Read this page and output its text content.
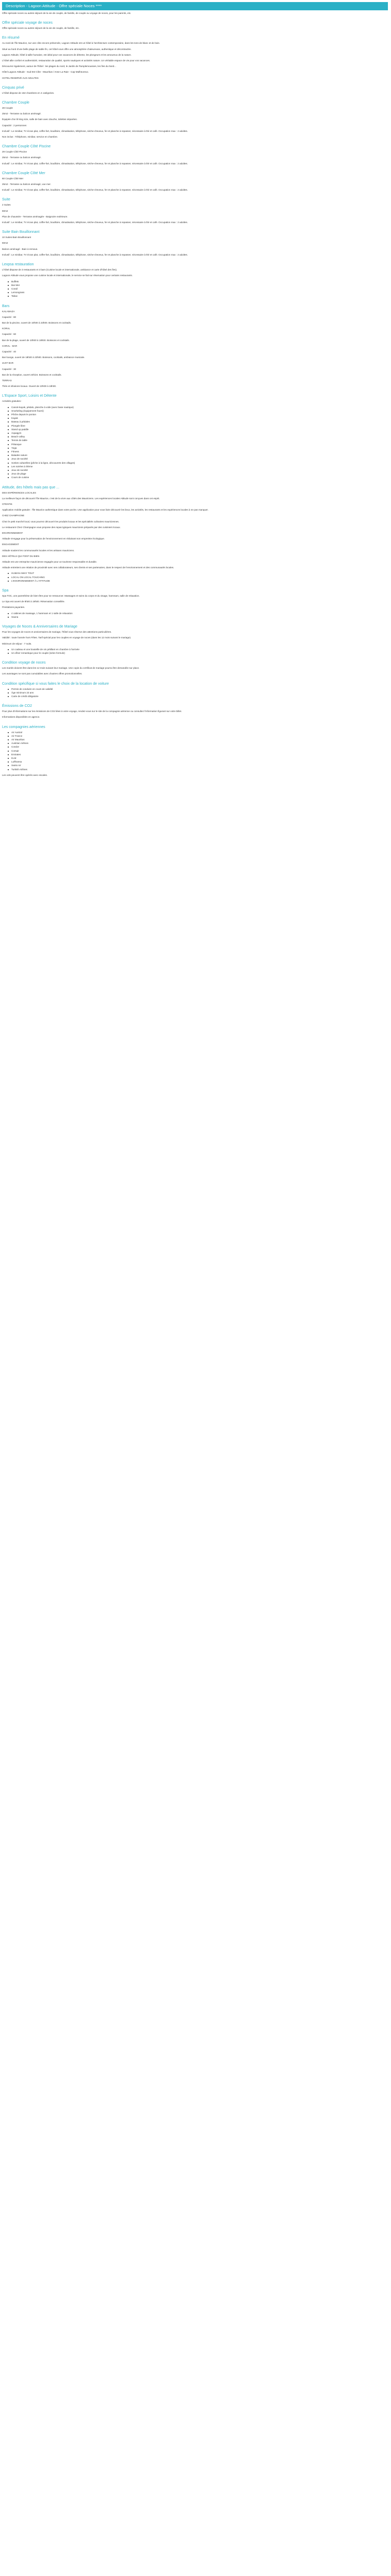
Description - Lagoon Attitude - Offre spéciale Noces ****

Offre spéciale noces ou autres séjours de la vie de couple, de famille, de couple ou voyage de noces, pour les parents, etc.

Offre spéciale voyage de noces

Offre spéciale noces ou autres séjours de la vie de couple, de famille, etc.

En résumé

Au nord de l'île Maurice, sur une côte encore préservée, Lagoon Attitude est un hôtel à l'architecture contemporaine, dans les tons de blanc et de bois.

Situé au bord d'une belle plage de sable fin, cet hôtel vous offre une atmosphère chaleureuse, authentique et décontractée.

Lagoon Attitude, hôtel à taille humaine, est idéal pour vos vacances de détente, les plongeurs et les amoureux de la nature.

L'hôtel allie confort et authenticité, restauration de qualité, sports nautiques et activités nature. Un véritable espace de vie pour vos vacances.

Découvrez également, autour de l'hôtel : les plages du nord, le Jardin de Pamplemousses, les îles du Nord...

Hôtel Lagoon Attitude - Sud Est Côte - Mauritius / Anse La Raie - Cap Malheureux.

HOTEL RESERVÉ AUX ADULTES

Cinquas privé

L'hôtel dispose de 162 chambres en 4 catégories.

Chambre Couple

28 Couple

25m2 - Terrasse ou balcon aménagé.

Équipée d'un lit king size, salle de bain avec douche, toilettes séparées.

Capacité : 2 personnes

Inclusif : Le minibar, TV écran plat, coffre-fort, bouilloire, climatisation, téléphone, sèche-cheveux, fer et planche à repasser, nécessaire à thé et café. Occupation max : 2 adultes.

Non inclus : Téléphone, minibar, service en chambre.

Chambre Couple Côté Piscine

29 Couple Côté Piscine

25m2 - Terrasse ou balcon aménagé.

Inclusif : Le minibar, TV écran plat, coffre-fort, bouilloire, climatisation, téléphone, sèche-cheveux, fer et planche à repasser, nécessaire à thé et café. Occupation max : 2 adultes.

Chambre Couple Côté Mer

60 Couple Côté Mer

25m2 - Terrasse ou balcon aménagé, vue mer.

Inclusif : Le minibar, TV écran plat, coffre-fort, bouilloire, climatisation, téléphone, sèche-cheveux, fer et planche à repasser, nécessaire à thé et café. Occupation max : 2 adultes.

Suite

2 Suites

60m2

Plan de chaussée - Terrasse aménagée - Baignoire extérieure.

Inclusif : Le minibar, TV écran plat, coffre-fort, bouilloire, climatisation, téléphone, sèche-cheveux, fer et planche à repasser, nécessaire à thé et café. Occupation max : 2 adultes.

Suite Bain Bouillonnant

10 Suites Bain Bouillonnant

50m2

Balcon aménagé - Bain à remous.

Inclusif : Le minibar, TV écran plat, coffre-fort, bouilloire, climatisation, téléphone, sèche-cheveux, fer et planche à repasser, nécessaire à thé et café. Occupation max : 2 adultes.

Lexpsa restauration

L'hôtel dispose de 3 restaurants et 3 bars (Cuisine locale et internationale, ambiance et carte d'hôtel des îles).

Lagoon Attitude vous propose une cuisine locale et internationale, le service se fait sur réservation pour certains restaurants.

Buffets
Bar Mer
Corail
Lemongrass
Tabac
Bars

KALAMAZA

Capacité : 80

Bar de la piscine, ouvert de 10h00 à 23h00. Boissons et cocktails.

KORAL

Capacité : 60

Bar de la plage, ouvert de 10h00 à 18h00. Boissons et cocktails.

CORAL - BAR

Capacité : 40

Bar lounge, ouvert de 18h00 à 23h00. Boissons, cocktails, ambiance musicale.

JUST BAR

Capacité : 30

Bar de la réception, ouvert 24h/24. Boissons et cocktails.

TERRAS

Thés et infusions locaux. Ouvert de 10h00 à 18h00.

L'Espace Sport, Loisirs et Détente

Activités gratuites :

Canoë-kayak, pédalo, planche à voile (avec base nautique)
Snorkeling (équipement fourni)
Pêche depuis le ponton
Kayak
Bateau à pédales
Plongée libre
Stand up paddle
Aquagym
Beach volley
Tennis de table
Pétanque
Yoga
Fitness
Balades nature
Jeux de société
Sorties culturelles (pêche à la ligne, découverte des villages)
Les soirées à thème
Jeux de société
Jeux de plage
Cours de cuisine
Attitude, des hôtels mais pas que ...

DES EXPÉRIENCES LOCALES

La meilleure façon de découvrir l'île Maurice, c'est de la vivre aux côtés des Mauriciens. Les expériences locales Attitude sont conçues dans cet esprit.

OTENTIK

Application mobile gratuite : l'île Maurice authentique dans votre poche. Une application pour vous faire découvrir les lieux, les activités, les restaurants et les expériences locales à ne pas manquer.

CHEZ CHAMPAGNE

Chez le petit marché local, vous pourrez découvrir les produits locaux et les spécialités culinaires mauriciennes.

Le restaurant Chez Champagne vous propose des repas typiques mauriciens préparés par des cuisiniers locaux.

ENVIRONNEMENT

Attitude s'engage pour la préservation de l'environnement en réduisant son empreinte écologique.

ENGAGEMENT

Attitude soutient les communautés locales et les artisans mauriciens.

DES HÔTELS QUI FONT DU BIEN

Attitude est une entreprise mauricienne engagée pour un tourisme responsable et durable.

Attitude entretient une relation de proximité avec ses collaborateurs, ses clients et ses partenaires, dans le respect de l'environnement et des communautés locales.

HUMAN AWAY TOUT
LOCAL ON LOCAL TOUCHING
L'ENVIRONNEMENT À L'ATTITUDE
Spa

Spa TOC, une parenthèse de bien-être pour se ressourcer. Massages et soins du corps et du visage, hammam, salle de relaxation.

Le Spa est ouvert de 9h00 à 19h00. Réservation conseillée.

Prestations payantes.

4 cabines de massage, 1 hammam et 1 salle de relaxation
Sauna
Voyages de Noces & Anniversaires de Mariage

Pour les voyages de noces et anniversaires de mariage, l'hôtel vous réserve des attentions particulières.

Validité : toute l'année hors Fêtes. Tarif spécial pour les couples en voyage de noces (dans les 12 mois suivant le mariage).

Minimum de séjour : 7 nuits.

Un cadeau et une bouteille de vin pétillant en chambre à l'arrivée
Un dîner romantique pour le couple (selon formule)
Condition voyage de noces

Les mariés doivent être dans les 12 mois suivant leur mariage. Une copie du certificat de mariage pourra être demandée sur place.

Les avantages ne sont pas cumulables avec d'autres offres promotionnelles.

Condition spécifique si vous faites le choix de la location de voiture
Permis de conduire en cours de validité
Âge minimum 23 ans
Carte de crédit obligatoire
Émissions de CO2

Pour plus d'informations sur les émissions de CO2 liées à votre voyage, rendez-vous sur le site de la compagnie aérienne ou consultez l'information figurant sur votre billet.

Informations disponibles en agence.

Les compagnies aériennes
Air Austral
Air France
Air Mauritius
Austrian Airlines
Condor
Corsair
Emirates
KLM
Lufthansa
Swiss Air
Turkish Airlines

Les vols peuvent être opérés avec escales.
